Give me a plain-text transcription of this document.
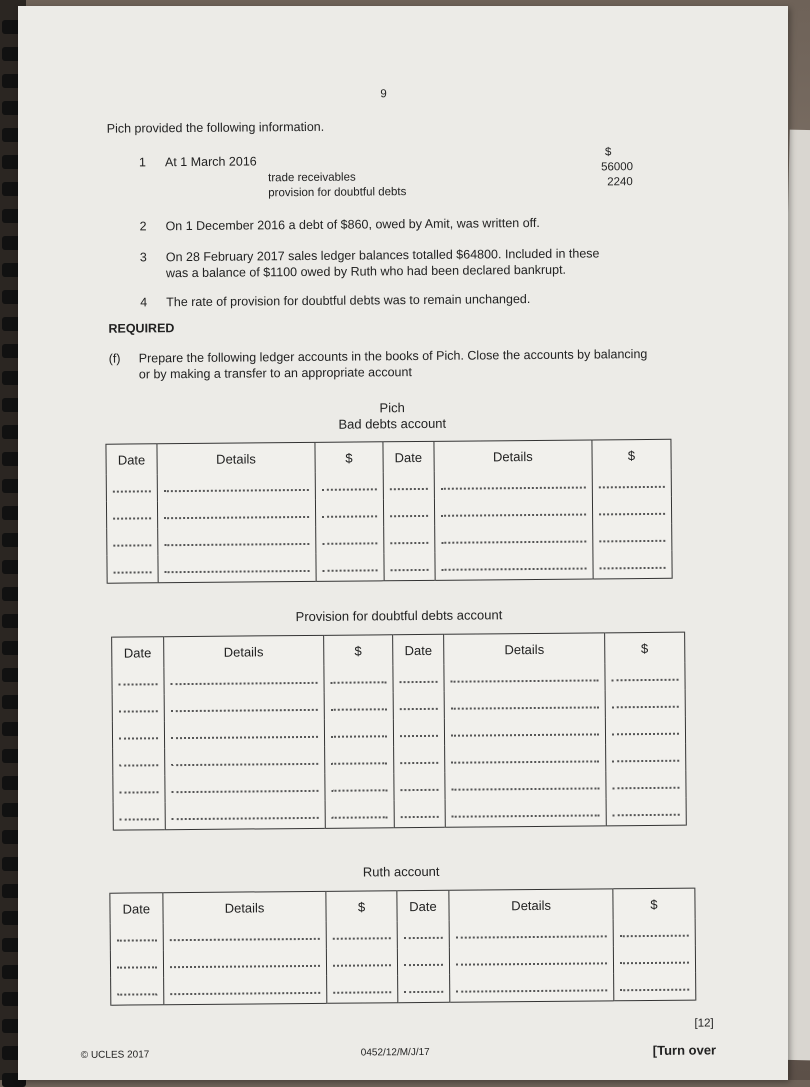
9
Pich provided the following information.
1 At 1 March 2016
$
trade receivables
56000
provision for doubtful debts
2240
2 On 1 December 2016 a debt of $860, owed by Amit, was written off.
3 On 28 February 2017 sales ledger balances totalled $64800. Included in these
was a balance of $1100 owed by Ruth who had been declared bankrupt.
4 The rate of provision for doubtful debts was to remain unchanged.
REQUIRED
(f) Prepare the following ledger accounts in the books of Pich. Close the accounts by balancing
or by making a transfer to an appropriate account
Pich
Bad debts account
Date	Details	$	Date	Details	$

Provision for doubtful debts account
Date	Details	$	Date	Details	$

Ruth account
Date	Details	$	Date	Details	$

[12]
© UCLES 2017	0452/12/M/J/17	[Turn over
